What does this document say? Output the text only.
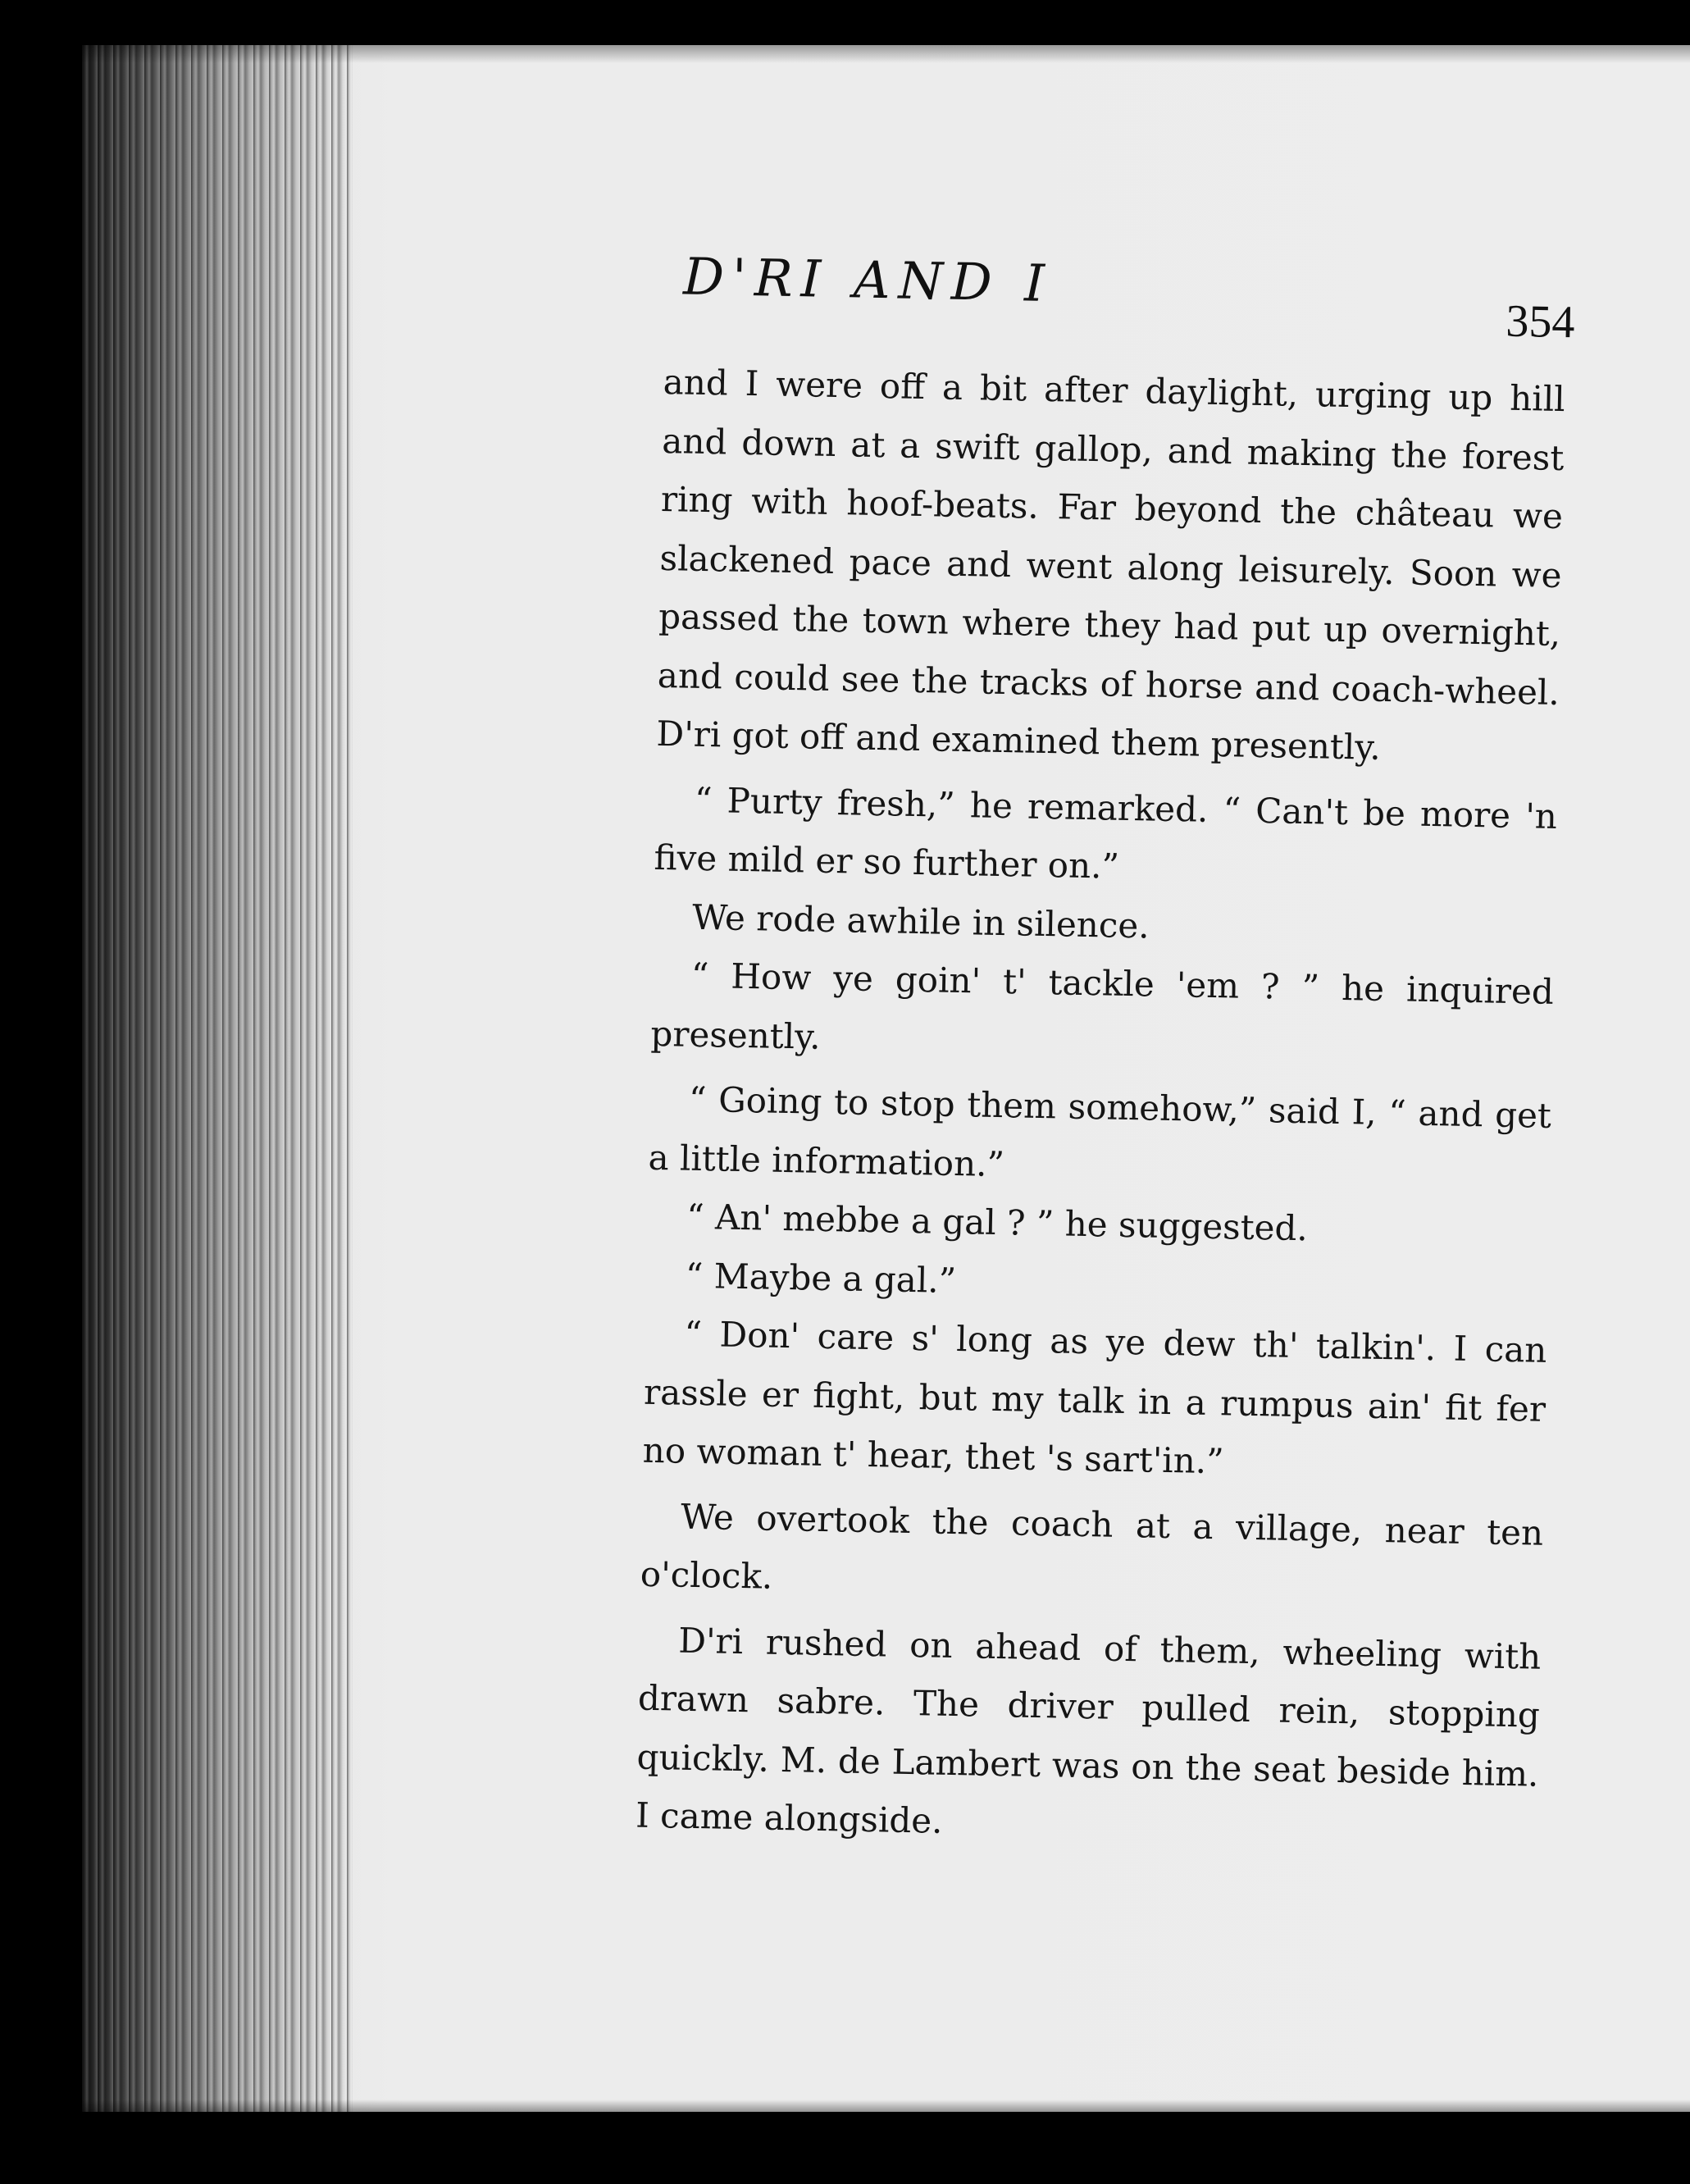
D'RI AND I
354

and I were off a bit after daylight, urging up hill and down at a swift gallop, and making the forest ring with hoof-beats. Far beyond the château we slackened pace and went along leisurely. Soon we passed the town where they had put up overnight, and could see the tracks of horse and coach-wheel. D'ri got off and examined them presently.

“ Purty fresh,” he remarked. “ Can't be more 'n five mild er so further on.”

We rode awhile in silence.

“ How ye goin' t' tackle 'em ? ” he inquired presently.

“ Going to stop them somehow,” said I, “ and get a little information.”

“ An' mebbe a gal ? ” he suggested.

“ Maybe a gal.”

“ Don' care s' long as ye dew th' talkin'. I can rassle er fight, but my talk in a rumpus ain' fit fer no woman t' hear, thet 's sart'in.”

We overtook the coach at a village, near ten o'clock.

D'ri rushed on ahead of them, wheeling with drawn sabre. The driver pulled rein, stopping quickly. M. de Lambert was on the seat beside him. I came alongside.
